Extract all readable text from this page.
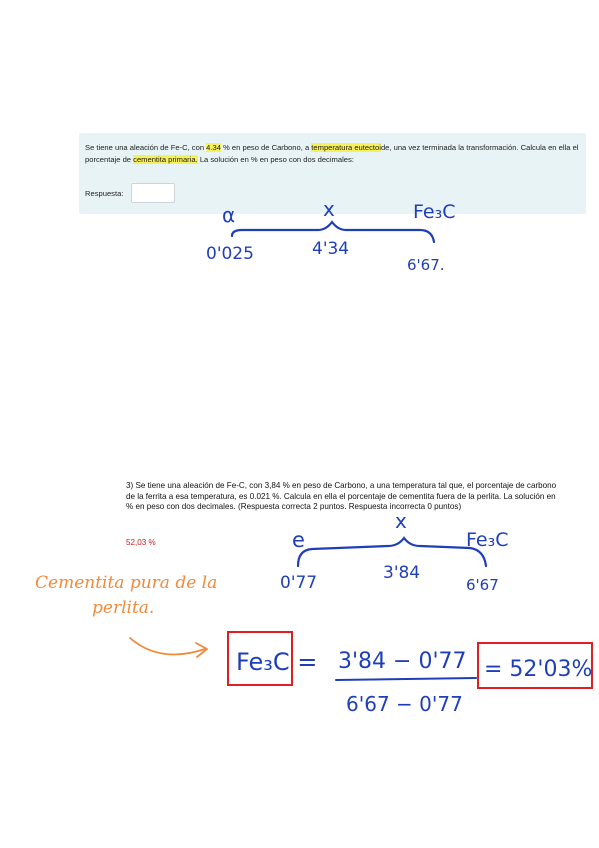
Se tiene una aleación de Fe-C, con 4.34 % en peso de Carbono, a temperatura eutectoide, una vez terminada la transformación. Calcula en ella el porcentaje de cementita primaria. La solución en % en peso con dos decimales:
Respuesta:
3) Se tiene una aleación de Fe-C, con 3,84 % en peso de Carbono, a una temperatura tal que, el porcentaje de carbono de la ferrita a esa temperatura, es 0.021 %. Calcula en ella el porcentaje de cementita fuera de la perlita. La solución en % en peso con dos decimales. (Respuesta correcta 2 puntos. Respuesta incorrecta 0 puntos)
52,03 %
α	x	Fe₃C
0'025	4'34
6'67.
e
x
Fe₃C
0'77	3'84
6'67
Cementita pura de la
perlita.
Fe₃C = 3'84 − 0'77
6'67 − 0'77
= 52'03%
